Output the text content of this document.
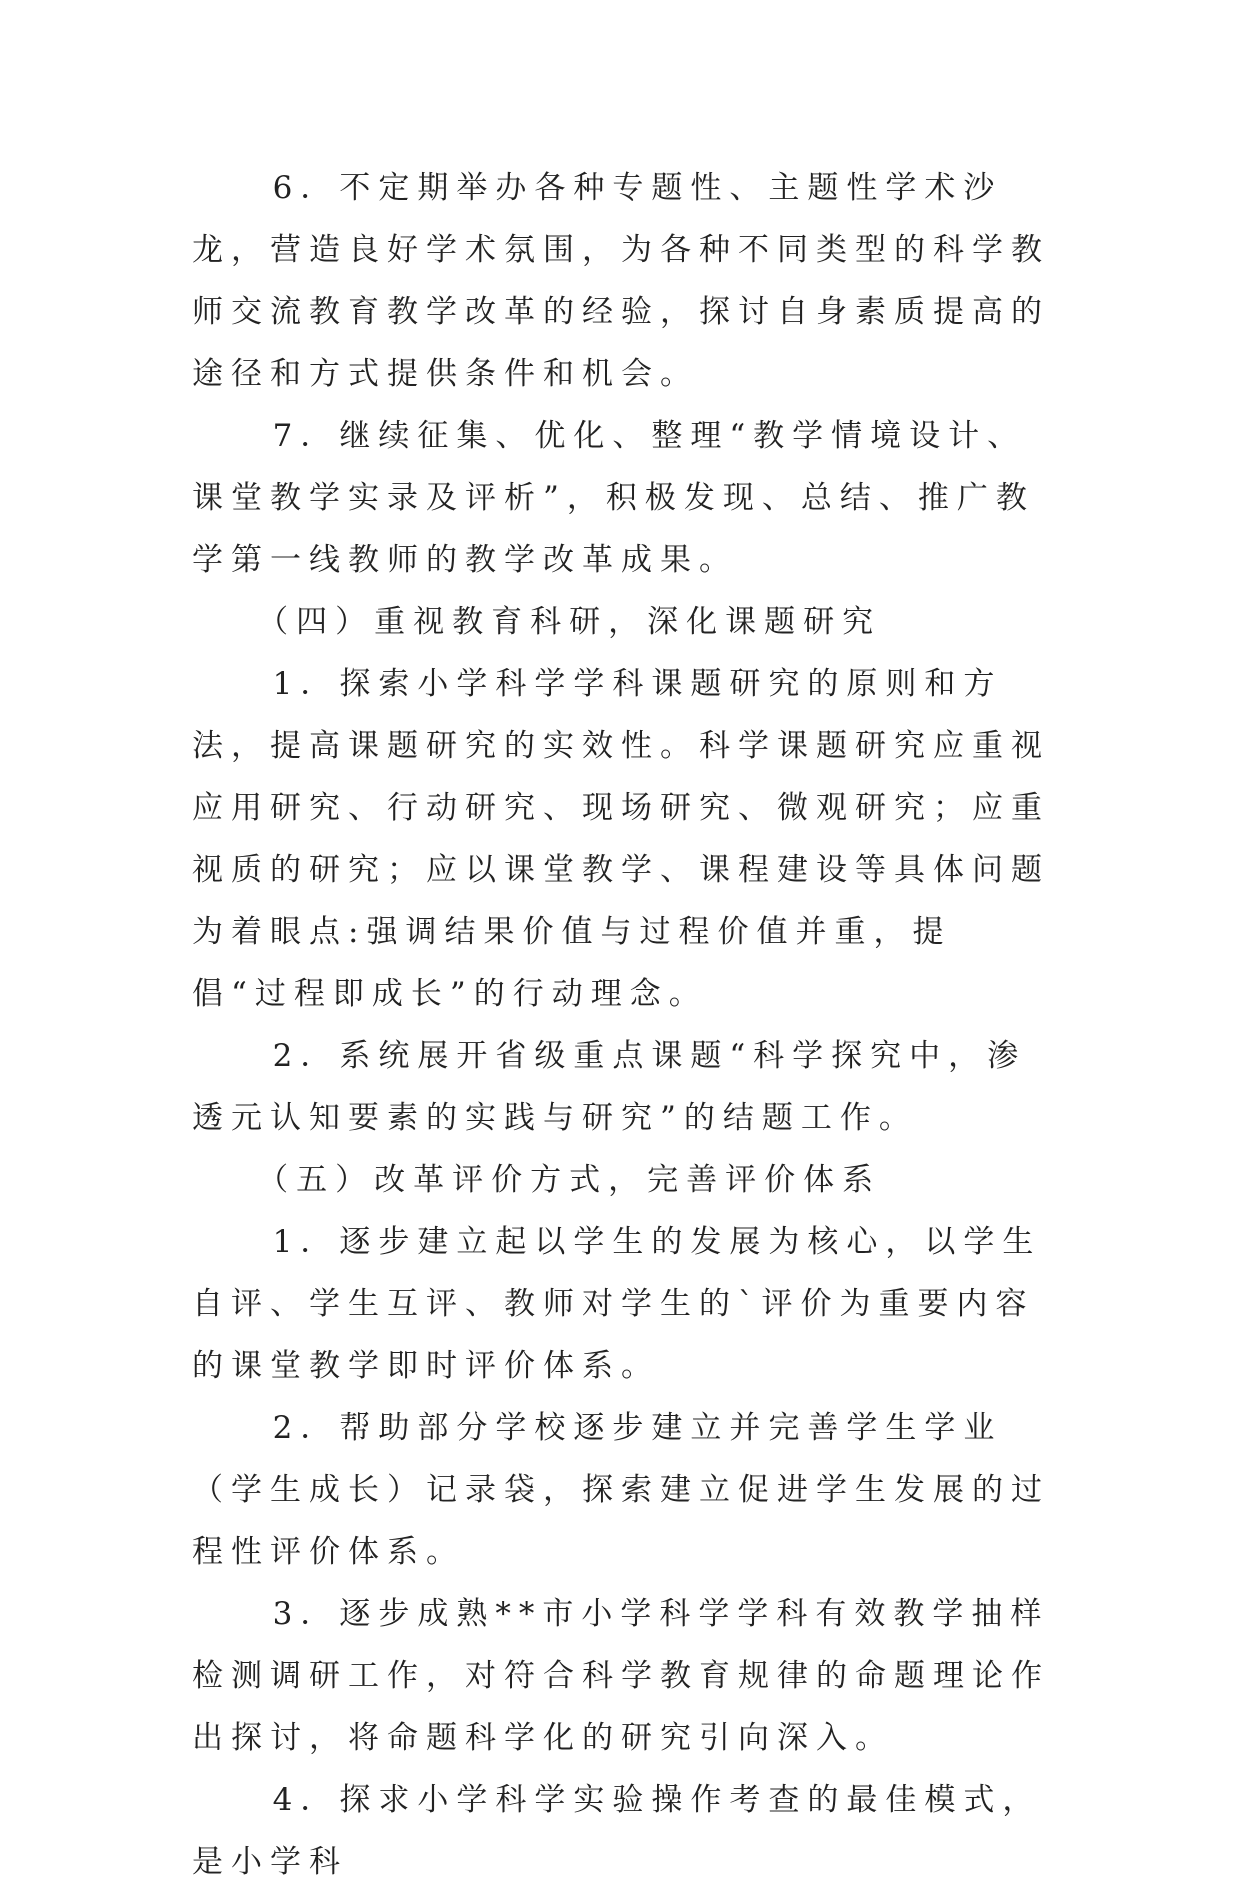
6．不定期举办各种专题性、主题性学术沙龙，营造良好学术氛围，为各种不同类型的科学教师交流教育教学改革的经验，探讨自身素质提高的途径和方式提供条件和机会。

7．继续征集、优化、整理“教学情境设计、课堂教学实录及评析”，积极发现、总结、推广教学第一线教师的教学改革成果。

（四）重视教育科研，深化课题研究

1．探索小学科学学科课题研究的原则和方法，提高课题研究的实效性。科学课题研究应重视应用研究、行动研究、现场研究、微观研究；应重视质的研究；应以课堂教学、课程建设等具体问题为着眼点:强调结果价值与过程价值并重，提倡“过程即成长”的行动理念。

2．系统展开省级重点课题“科学探究中，渗透元认知要素的实践与研究”的结题工作。

（五）改革评价方式，完善评价体系

1．逐步建立起以学生的发展为核心，以学生自评、学生互评、教师对学生的`评价为重要内容的课堂教学即时评价体系。

2．帮助部分学校逐步建立并完善学生学业（学生成长）记录袋，探索建立促进学生发展的过程性评价体系。

3．逐步成熟**市小学科学学科有效教学抽样检测调研工作，对符合科学教育规律的命题理论作出探讨，将命题科学化的研究引向深入。

4．探求小学科学实验操作考查的最佳模式，是小学科
